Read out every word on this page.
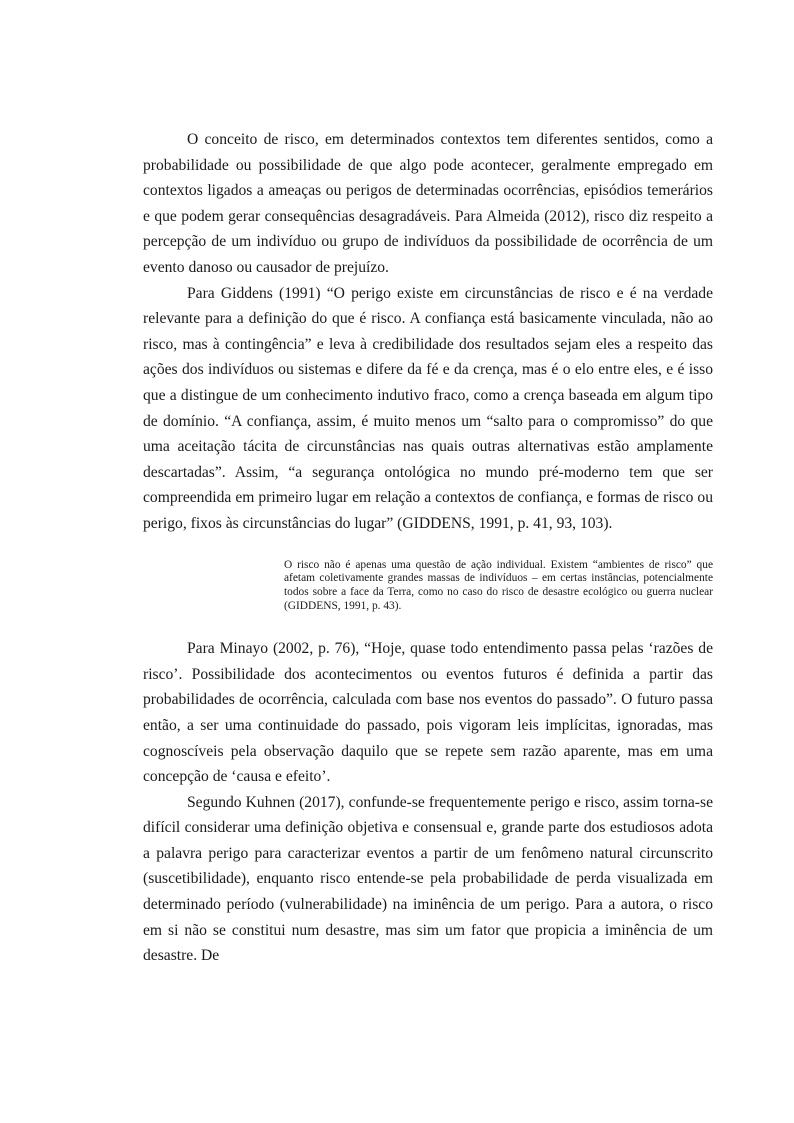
O conceito de risco, em determinados contextos tem diferentes sentidos, como a probabilidade ou possibilidade de que algo pode acontecer, geralmente empregado em contextos ligados a ameaças ou perigos de determinadas ocorrências, episódios temerários e que podem gerar consequências desagradáveis. Para Almeida (2012), risco diz respeito a percepção de um indivíduo ou grupo de indivíduos da possibilidade de ocorrência de um evento danoso ou causador de prejuízo.

Para Giddens (1991) “O perigo existe em circunstâncias de risco e é na verdade relevante para a definição do que é risco. A confiança está basicamente vinculada, não ao risco, mas à contingência” e leva à credibilidade dos resultados sejam eles a respeito das ações dos indivíduos ou sistemas e difere da fé e da crença, mas é o elo entre eles, e é isso que a distingue de um conhecimento indutivo fraco, como a crença baseada em algum tipo de domínio. “A confiança, assim, é muito menos um “salto para o compromisso” do que uma aceitação tácita de circunstâncias nas quais outras alternativas estão amplamente descartadas”. Assim, “a segurança ontológica no mundo pré-moderno tem que ser compreendida em primeiro lugar em relação a contextos de confiança, e formas de risco ou perigo, fixos às circunstâncias do lugar” (GIDDENS, 1991, p. 41, 93, 103).

O risco não é apenas uma questão de ação individual. Existem “ambientes de risco” que afetam coletivamente grandes massas de indivíduos – em certas instâncias, potencialmente todos sobre a face da Terra, como no caso do risco de desastre ecológico ou guerra nuclear (GIDDENS, 1991, p. 43).

Para Minayo (2002, p. 76), “Hoje, quase todo entendimento passa pelas ‘razões de risco’. Possibilidade dos acontecimentos ou eventos futuros é definida a partir das probabilidades de ocorrência, calculada com base nos eventos do passado”. O futuro passa então, a ser uma continuidade do passado, pois vigoram leis implícitas, ignoradas, mas cognoscíveis pela observação daquilo que se repete sem razão aparente, mas em uma concepção de ‘causa e efeito’.

Segundo Kuhnen (2017), confunde-se frequentemente perigo e risco, assim torna-se difícil considerar uma definição objetiva e consensual e, grande parte dos estudiosos adota a palavra perigo para caracterizar eventos a partir de um fenômeno natural circunscrito (suscetibilidade), enquanto risco entende-se pela probabilidade de perda visualizada em determinado período (vulnerabilidade) na iminência de um perigo. Para a autora, o risco em si não se constitui num desastre, mas sim um fator que propicia a iminência de um desastre. De
